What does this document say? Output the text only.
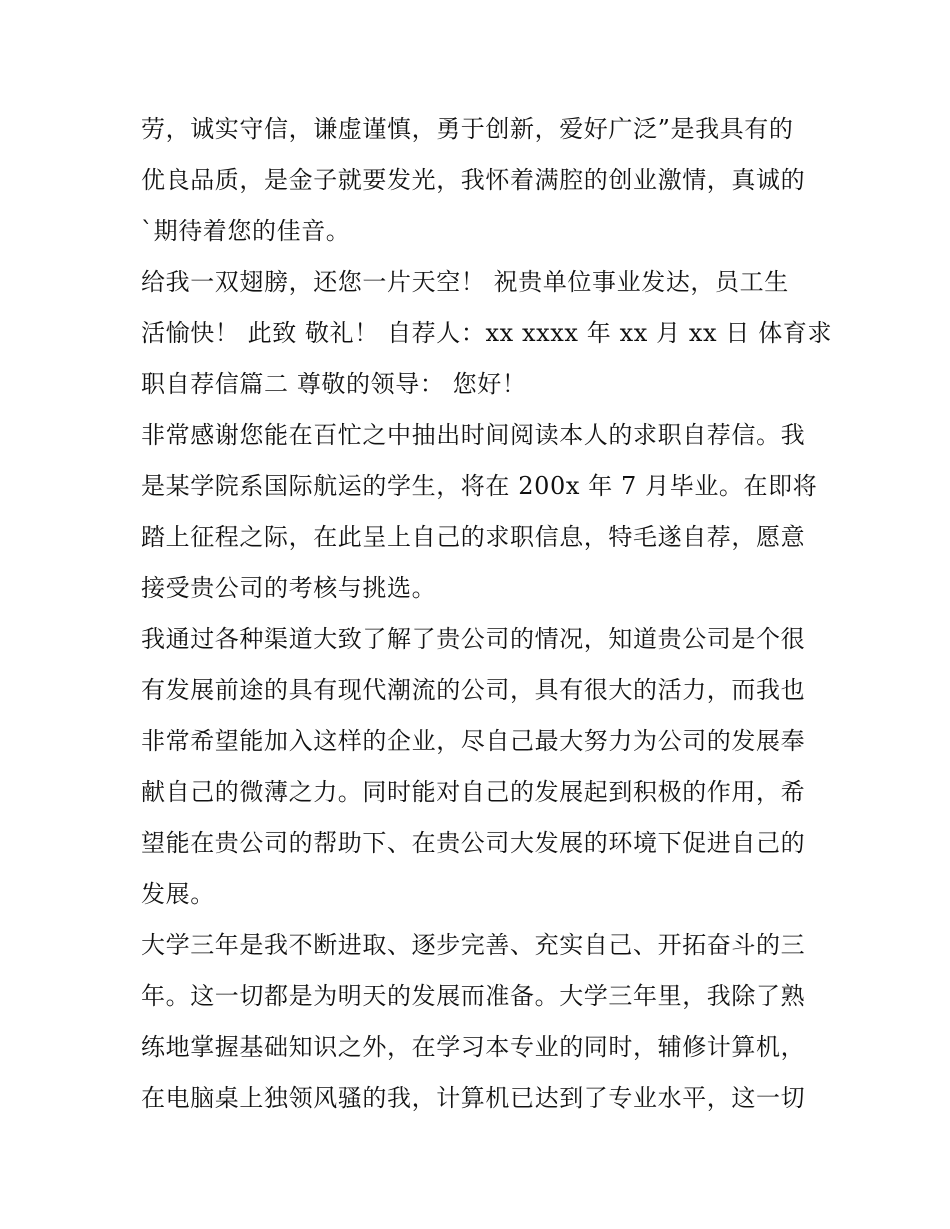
劳，诚实守信，谦虚谨慎，勇于创新，爱好广泛”是我具有的
优良品质，是金子就要发光，我怀着满腔的创业激情，真诚的
`期待着您的佳音。
给我一双翅膀，还您一片天空！ 祝贵单位事业发达，员工生
活愉快！ 此致 敬礼！ 自荐人：xx xxxx 年 xx 月 xx 日 体育求
职自荐信篇二 尊敬的领导： 您好！
非常感谢您能在百忙之中抽出时间阅读本人的求职自荐信。我
是某学院系国际航运的学生，将在 200x 年 7 月毕业。在即将
踏上征程之际，在此呈上自己的求职信息，特毛遂自荐，愿意
接受贵公司的考核与挑选。
我通过各种渠道大致了解了贵公司的情况，知道贵公司是个很
有发展前途的具有现代潮流的公司，具有很大的活力，而我也
非常希望能加入这样的企业，尽自己最大努力为公司的发展奉
献自己的微薄之力。同时能对自己的发展起到积极的作用，希
望能在贵公司的帮助下、在贵公司大发展的环境下促进自己的
发展。
大学三年是我不断进取、逐步完善、充实自己、开拓奋斗的三
年。这一切都是为明天的发展而准备。大学三年里，我除了熟
练地掌握基础知识之外，在学习本专业的同时，辅修计算机，
在电脑桌上独领风骚的我，计算机已达到了专业水平，这一切
